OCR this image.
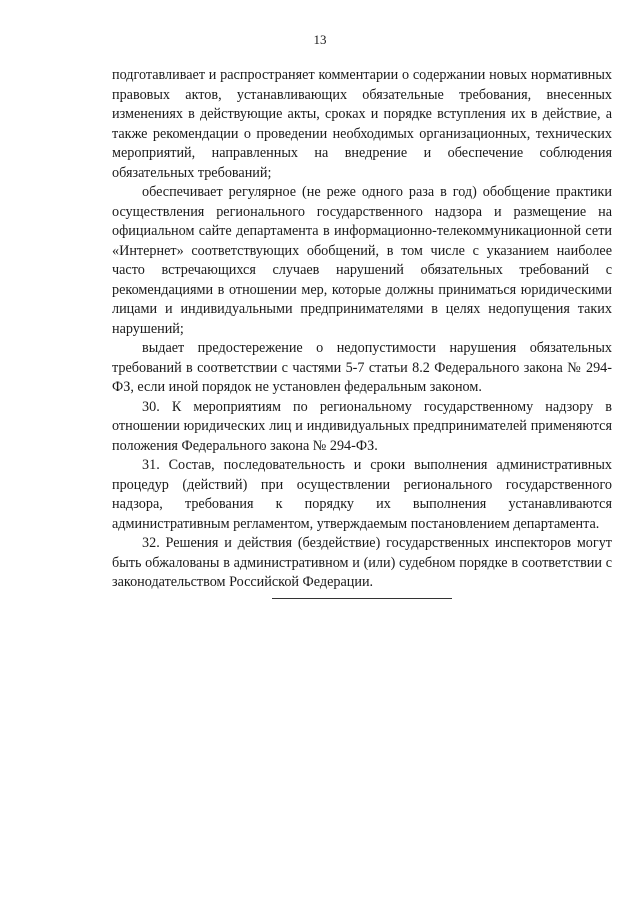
13

подготавливает и распространяет комментарии о содержании новых нормативных правовых актов, устанавливающих обязательные требования, внесенных изменениях в действующие акты, сроках и порядке вступления их в действие, а также рекомендации о проведении необходимых организационных, технических мероприятий, направленных на внедрение и обеспечение соблюдения обязательных требований;

обеспечивает регулярное (не реже одного раза в год) обобщение практики осуществления регионального государственного надзора и размещение на официальном сайте департамента в информационно-телекоммуникационной сети «Интернет» соответствующих обобщений, в том числе с указанием наиболее часто встречающихся случаев нарушений обязательных требований с рекомендациями в отношении мер, которые должны приниматься юридическими лицами и индивидуальными предпринимателями в целях недопущения таких нарушений;

выдает предостережение о недопустимости нарушения обязательных требований в соответствии с частями 5-7 статьи 8.2 Федерального закона № 294-ФЗ, если иной порядок не установлен федеральным законом.

30. К мероприятиям по региональному государственному надзору в отношении юридических лиц и индивидуальных предпринимателей применяются положения Федерального закона № 294-ФЗ.

31. Состав, последовательность и сроки выполнения административных процедур (действий) при осуществлении регионального государственного надзора, требования к порядку их выполнения устанавливаются административным регламентом, утверждаемым постановлением департамента.

32. Решения и действия (бездействие) государственных инспекторов могут быть обжалованы в административном и (или) судебном порядке в соответствии с законодательством Российской Федерации.
